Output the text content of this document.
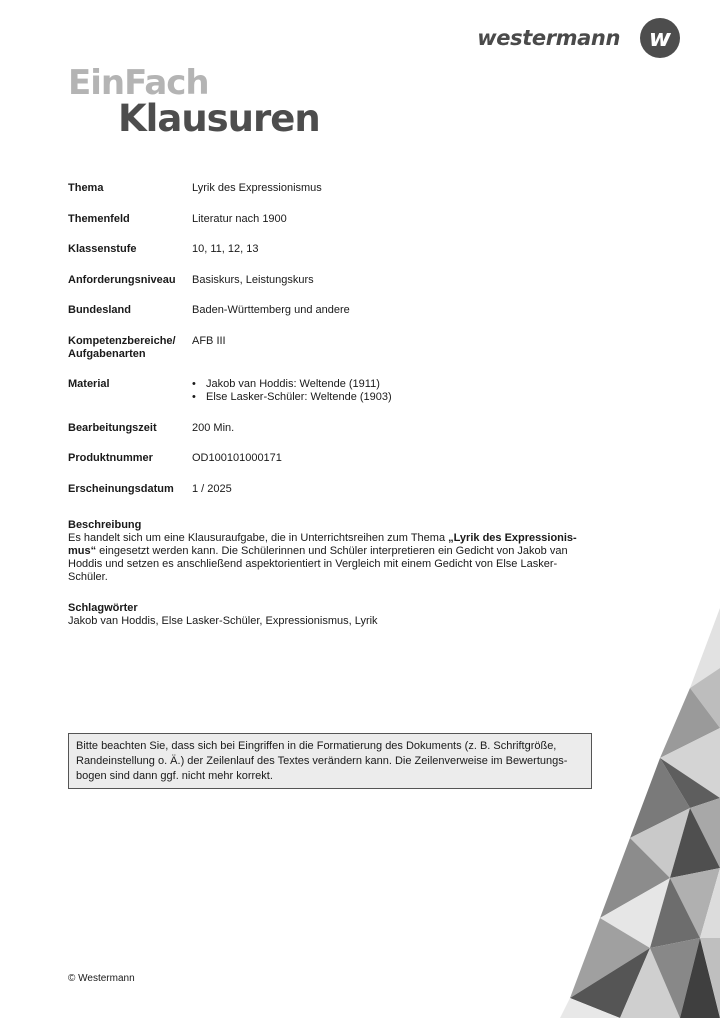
westermann w
EinFach
Klausuren
Thema	Lyrik des Expressionismus
Themenfeld	Literatur nach 1900
Klassenstufe	10, 11, 12, 13
Anforderungsniveau	Basiskurs, Leistungskurs
Bundesland	Baden-Württemberg und andere
Kompetenzbereiche/
Aufgabenarten
AFB III
Material
•	Jakob van Hoddis: Weltende (1911)
• Else Lasker-Schüler: Weltende (1903)
Bearbeitungszeit	200 Min.
Produktnummer	OD100101000171
Erscheinungsdatum	1 / 2025
Beschreibung
Es handelt sich um eine Klausuraufgabe, die in Unterrichtsreihen zum Thema „Lyrik des Expressionis-mus“ eingesetzt werden kann. Die Schülerinnen und Schüler interpretieren ein Gedicht von Jakob van Hoddis und setzen es anschließend aspektorientiert in Vergleich mit einem Gedicht von Else Lasker-Schüler.
Schlagwörter
Jakob van Hoddis, Else Lasker-Schüler, Expressionismus, Lyrik
Bitte beachten Sie, dass sich bei Eingriffen in die Formatierung des Dokuments (z. B. Schriftgröße, Randeinstellung o. Ä.) der Zeilenlauf des Textes verändern kann. Die Zeilenverweise im Bewertungs-bogen sind dann ggf. nicht mehr korrekt.
© Westermann
